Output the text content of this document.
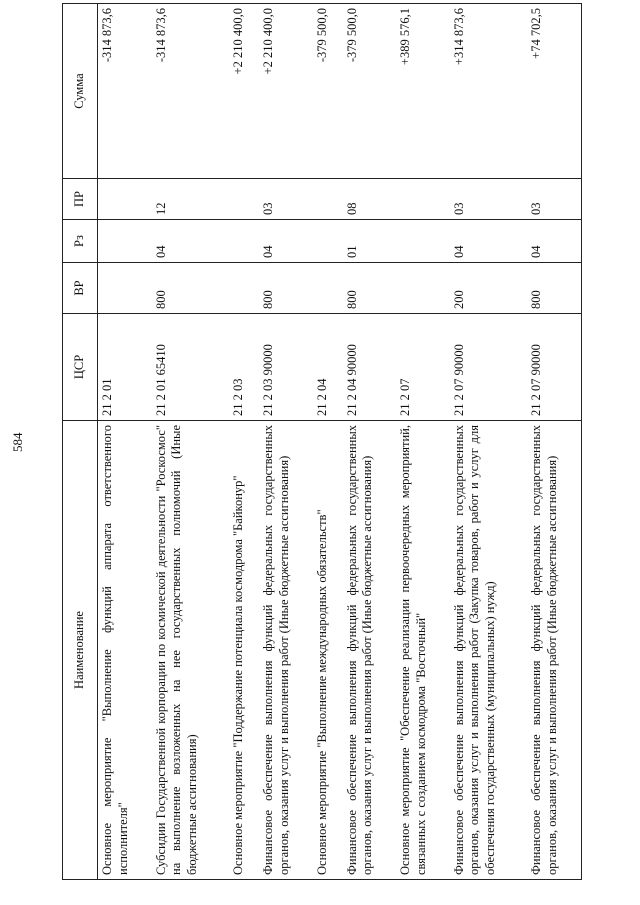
584
Наименование	ЦСР	ВР	Рз	ПР	Сумма
Основное мероприятие "Выполнение функций аппарата ответственного исполнителя"	21 2 01				-314 873,6
Субсидии Государственной корпорации по космической деятельности "Роскосмос" на выполнение возложенных на нее государственных полномочий (Иные бюджетные ассигнования)	21 2 01 65410	800	04	12	-314 873,6
Основное мероприятие "Поддержание потенциала космодрома "Байконур"	21 2 03				+2 210 400,0
Финансовое обеспечение выполнения функций федеральных государственных органов, оказания услуг и выполнения работ (Иные бюджетные ассигнования)	21 2 03 90000	800	04	03	+2 210 400,0
Основное мероприятие "Выполнение международных обязательств"	21 2 04				-379 500,0
Финансовое обеспечение выполнения функций федеральных государственных органов, оказания услуг и выполнения работ (Иные бюджетные ассигнования)	21 2 04 90000	800	01	08	-379 500,0
Основное мероприятие "Обеспечение реализации первоочередных мероприятий, связанных с созданием космодрома "Восточный"	21 2 07				+389 576,1
Финансовое обеспечение выполнения функций федеральных государственных органов, оказания услуг и выполнения работ (Закупка товаров, работ и услуг для обеспечения государственных (муниципальных) нужд)	21 2 07 90000	200	04	03	+314 873,6
Финансовое обеспечение выполнения функций федеральных государственных органов, оказания услуг и выполнения работ (Иные бюджетные ассигнования)	21 2 07 90000	800	04	03	+74 702,5
